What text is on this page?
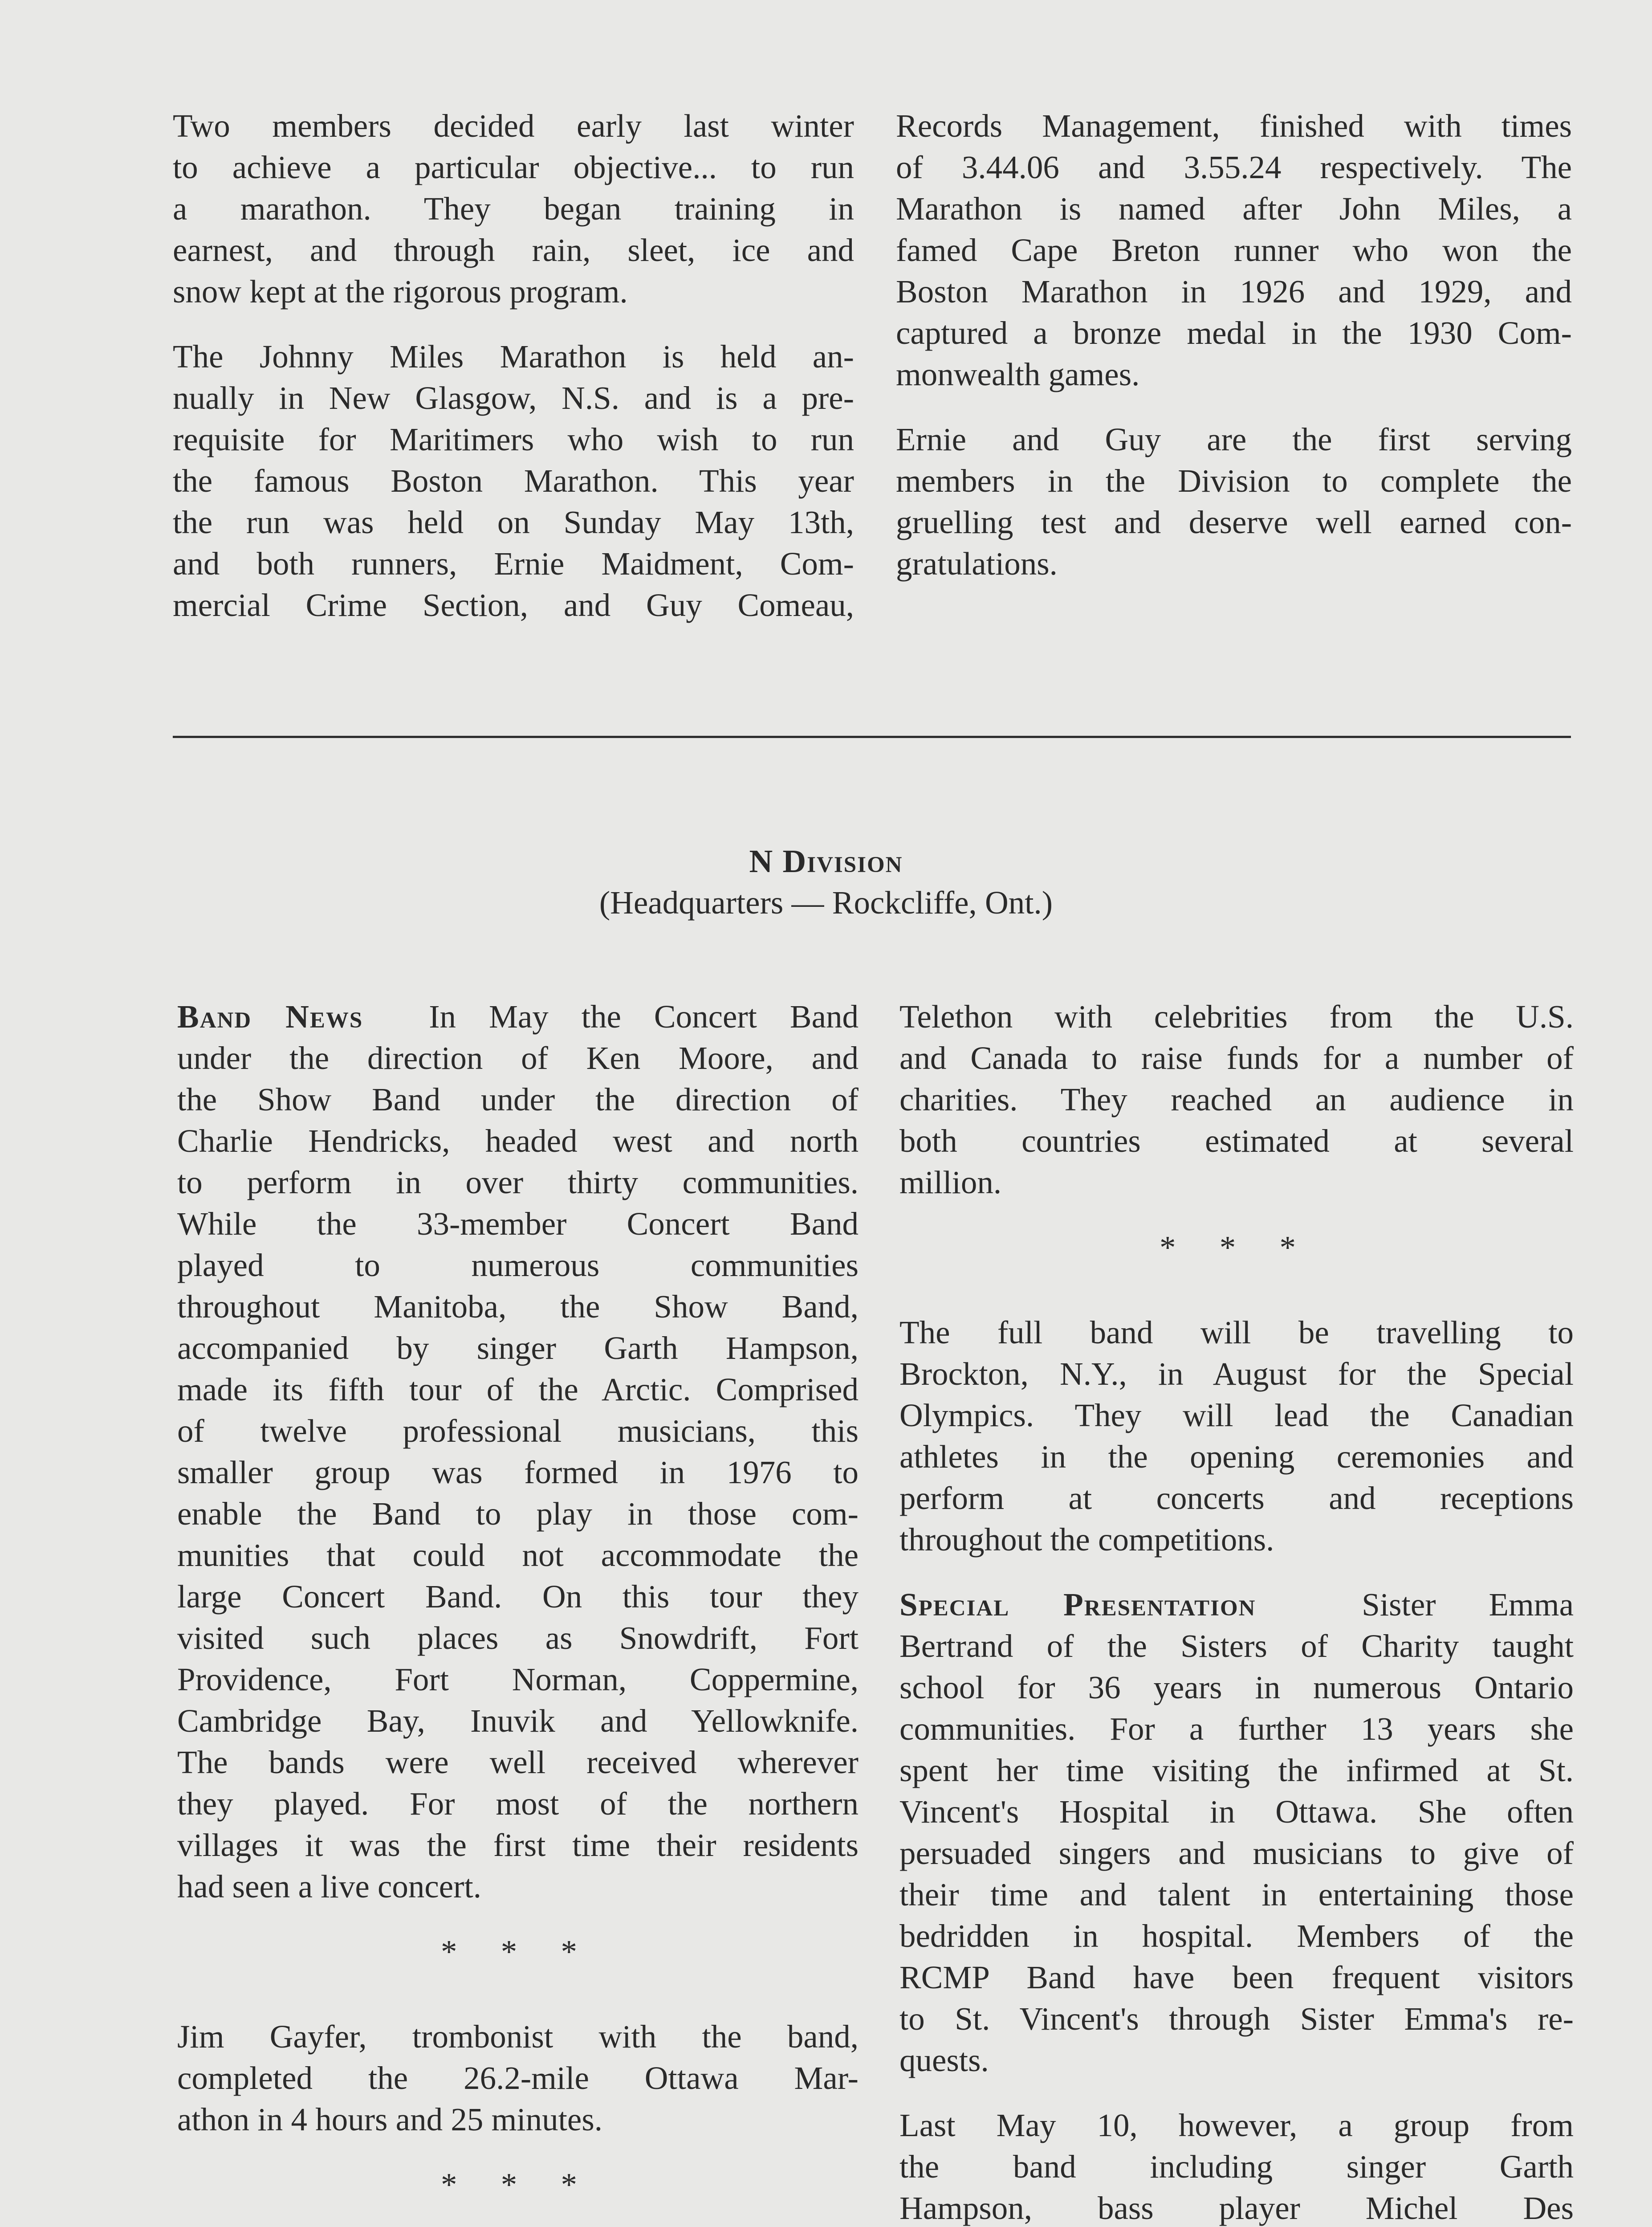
Two members decided early last winter
to achieve a particular objective... to run
a marathon. They began training in
earnest, and through rain, sleet, ice and
snow kept at the rigorous program.

The Johnny Miles Marathon is held an-
nually in New Glasgow, N.S. and is a pre-
requisite for Maritimers who wish to run
the famous Boston Marathon. This year
the run was held on Sunday May 13th,
and both runners, Ernie Maidment, Com-
mercial Crime Section, and Guy Comeau,

Records Management, finished with times
of 3.44.06 and 3.55.24 respectively. The
Marathon is named after John Miles, a
famed Cape Breton runner who won the
Boston Marathon in 1926 and 1929, and
captured a bronze medal in the 1930 Com-
monwealth games.

Ernie and Guy are the first serving
members in the Division to complete the
gruelling test and deserve well earned con-
gratulations.

N Division
(Headquarters — Rockcliffe, Ont.)

Band News In May the Concert Band
under the direction of Ken Moore, and
the Show Band under the direction of
Charlie Hendricks, headed west and north
to perform in over thirty communities.
While the 33-member Concert Band
played to numerous communities
throughout Manitoba, the Show Band,
accompanied by singer Garth Hampson,
made its fifth tour of the Arctic. Comprised
of twelve professional musicians, this
smaller group was formed in 1976 to
enable the Band to play in those com-
munities that could not accommodate the
large Concert Band. On this tour they
visited such places as Snowdrift, Fort
Providence, Fort Norman, Coppermine,
Cambridge Bay, Inuvik and Yellowknife.
The bands were well received wherever
they played. For most of the northern
villages it was the first time their residents
had seen a live concert.

* * *

Jim Gayfer, trombonist with the band,
completed the 26.2-mile Ottawa Mar-
athon in 4 hours and 25 minutes.

* * *

Telethon with celebrities from the U.S.
and Canada to raise funds for a number of
charities. They reached an audience in
both countries estimated at several
million.

* * *

The full band will be travelling to
Brockton, N.Y., in August for the Special
Olympics. They will lead the Canadian
athletes in the opening ceremonies and
perform at concerts and receptions
throughout the competitions.

Special Presentation	Sister Emma
Bertrand of the Sisters of Charity taught
school for 36 years in numerous Ontario
communities. For a further 13 years she
spent her time visiting the infirmed at St.
Vincent's Hospital in Ottawa. She often
persuaded singers and musicians to give of
their time and talent in entertaining those
bedridden in hospital. Members of the
RCMP Band have been frequent visitors
to St. Vincent's through Sister Emma's re-
quests.

Last May 10, however, a group from
the band including singer Garth
Hampson, bass player Michel Des
